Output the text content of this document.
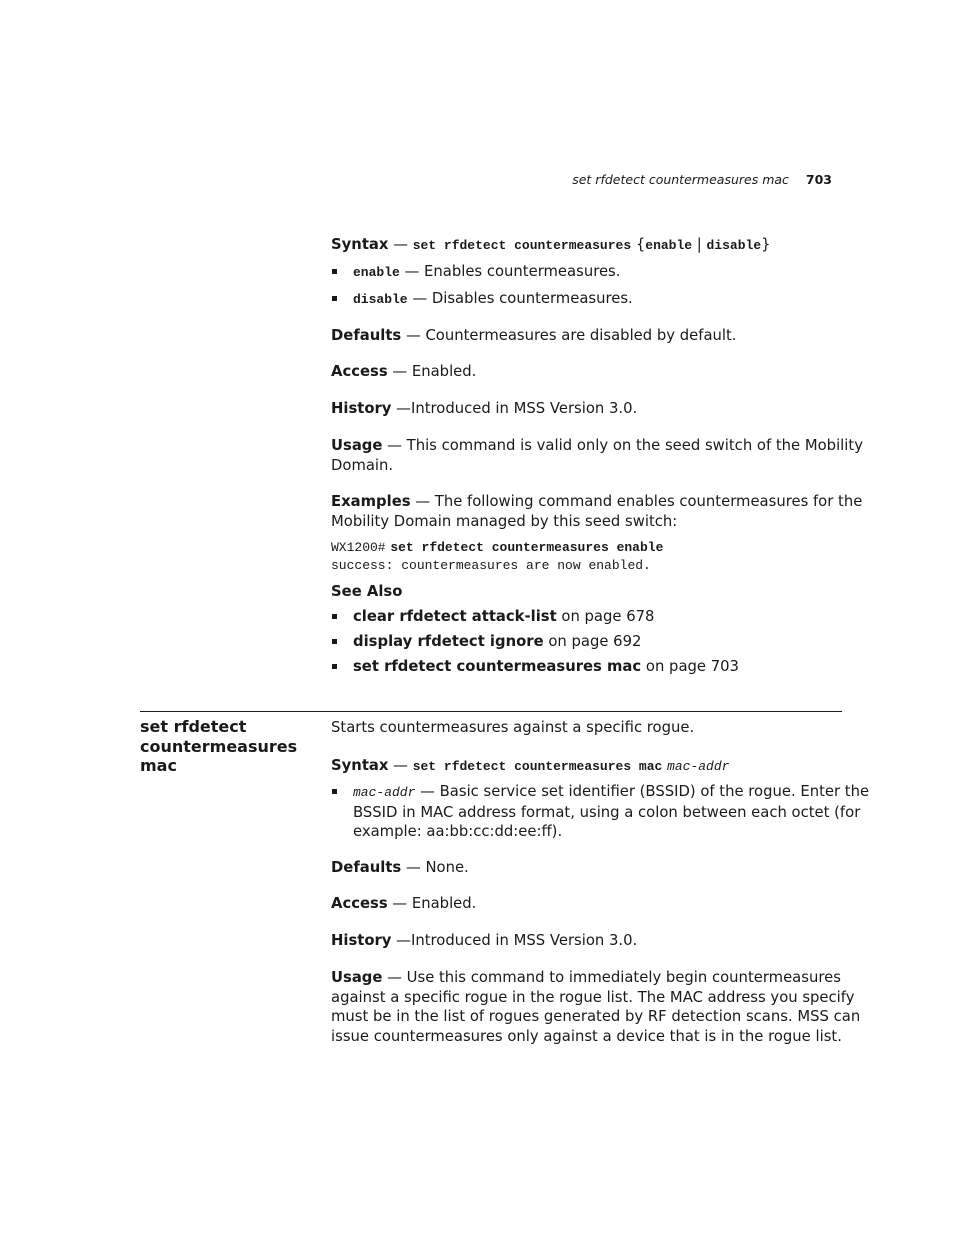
set rfdetect countermeasures mac 703
Syntax — set rfdetect countermeasures {enable | disable}
enable — Enables countermeasures.
disable — Disables countermeasures.
Defaults — Countermeasures are disabled by default.
Access — Enabled.
History —Introduced in MSS Version 3.0.
Usage — This command is valid only on the seed switch of the Mobility
Domain.
Examples — The following command enables countermeasures for the
Mobility Domain managed by this seed switch:
WX1200# set rfdetect countermeasures enable
success: countermeasures are now enabled.
See Also
clear rfdetect attack-list on page 678
display rfdetect ignore on page 692
set rfdetect countermeasures mac on page 703
set rfdetect countermeasures mac
Starts countermeasures against a specific rogue.
Syntax — set rfdetect countermeasures mac mac-addr
mac-addr — Basic service set identifier (BSSID) of the rogue. Enter the
BSSID in MAC address format, using a colon between each octet (for
example: aa:bb:cc:dd:ee:ff).
Defaults — None.
Access — Enabled.
History —Introduced in MSS Version 3.0.
Usage — Use this command to immediately begin countermeasures
against a specific rogue in the rogue list. The MAC address you specify
must be in the list of rogues generated by RF detection scans. MSS can
issue countermeasures only against a device that is in the rogue list.
